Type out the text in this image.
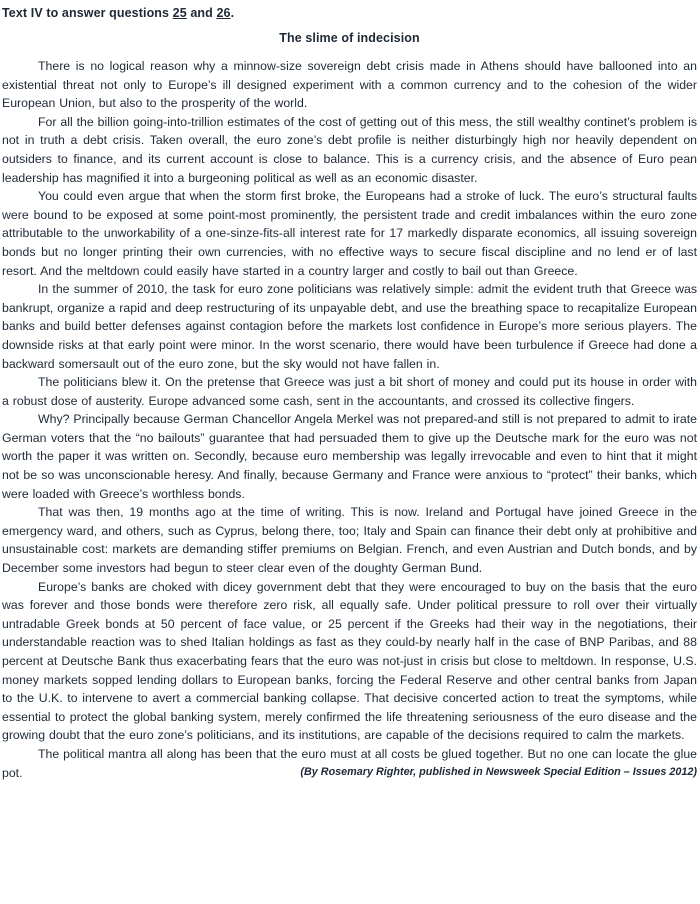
Text IV to answer questions 25 and 26.
The slime of indecision

There is no logical reason why a minnow-size sovereign debt crisis made in Athens should have ballooned into an existential threat not only to Europe’s ill designed experiment with a common currency and to the cohesion of the wider European Union, but also to the prosperity of the world.

For all the billion going-into-trillion estimates of the cost of getting out of this mess, the still wealthy continet’s problem is not in truth a debt crisis. Taken overall, the euro zone’s debt profile is neither disturbingly high nor heavily dependent on outsiders to finance, and its current account is close to balance. This is a currency crisis, and the absence of Euro pean leadership has magnified it into a burgeoning political as well as an economic disaster.

You could even argue that when the storm first broke, the Europeans had a stroke of luck. The euro’s structural faults were bound to be exposed at some point-most prominently, the persistent trade and credit imbalances within the euro zone attributable to the unworkability of a one-sinze-fits-all interest rate for 17 markedly disparate economics, all issuing sovereign bonds but no longer printing their own currencies, with no effective ways to secure fiscal discipline and no lend er of last resort. And the meltdown could easily have started in a country larger and costly to bail out than Greece.

In the summer of 2010, the task for euro zone politicians was relatively simple: admit the evident truth that Greece was bankrupt, organize a rapid and deep restructuring of its unpayable debt, and use the breathing space to recapitalize European banks and build better defenses against contagion before the markets lost confidence in Europe’s more serious players. The downside risks at that early point were minor. In the worst scenario, there would have been turbulence if Greece had done a backward somersault out of the euro zone, but the sky would not have fallen in.

The politicians blew it. On the pretense that Greece was just a bit short of money and could put its house in order with a robust dose of austerity. Europe advanced some cash, sent in the accountants, and crossed its collective fingers.

Why? Principally because German Chancellor Angela Merkel was not prepared-and still is not prepared to admit to irate German voters that the “no bailouts” guarantee that had persuaded them to give up the Deutsche mark for the euro was not worth the paper it was written on. Secondly, because euro membership was legally irrevocable and even to hint that it might not be so was unconscionable heresy. And finally, because Germany and France were anxious to “protect” their banks, which were loaded with Greece’s worthless bonds.

That was then, 19 months ago at the time of writing. This is now. Ireland and Portugal have joined Greece in the emergency ward, and others, such as Cyprus, belong there, too; Italy and Spain can finance their debt only at prohibitive and unsustainable cost: markets are demanding stiffer premiums on Belgian. French, and even Austrian and Dutch bonds, and by December some investors had begun to steer clear even of the doughty German Bund.

Europe’s banks are choked with dicey government debt that they were encouraged to buy on the basis that the euro was forever and those bonds were therefore zero risk, all equally safe. Under political pressure to roll over their virtually untradable Greek bonds at 50 percent of face value, or 25 percent if the Greeks had their way in the negotiations, their understandable reaction was to shed Italian holdings as fast as they could-by nearly half in the case of BNP Paribas, and 88 percent at Deutsche Bank thus exacerbating fears that the euro was not-just in crisis but close to meltdown. In response, U.S. money markets sopped lending dollars to European banks, forcing the Federal Reserve and other central banks from Japan to the U.K. to intervene to avert a commercial banking collapse. That decisive concerted action to treat the symptoms, while essential to protect the global banking system, merely confirmed the life threatening seriousness of the euro disease and the growing doubt that the euro zone’s politicians, and its institutions, are capable of the decisions required to calm the markets.

The political mantra all along has been that the euro must at all costs be glued together. But no one can locate the glue pot.	(By Rosemary Righter, published in Newsweek Special Edition – Issues 2012)
